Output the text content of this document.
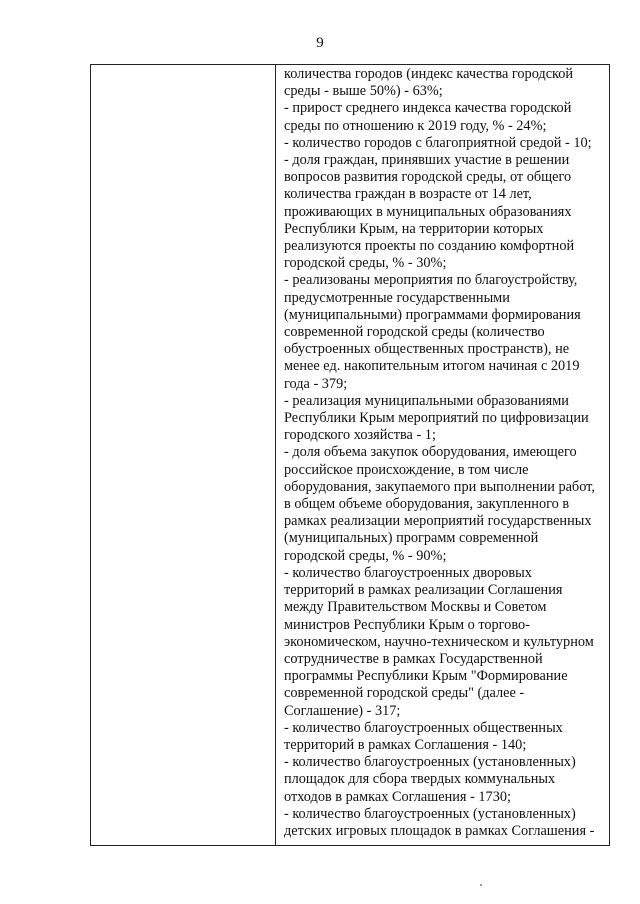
9
количества городов (индекс качества городской
среды - выше 50%) - 63%;
- прирост среднего индекса качества городской
среды по отношению к 2019 году, % - 24%;
- количество городов с благоприятной средой - 10;
- доля граждан, принявших участие в решении
вопросов развития городской среды, от общего
количества граждан в возрасте от 14 лет,
проживающих в муниципальных образованиях
Республики Крым, на территории которых
реализуются проекты по созданию комфортной
городской среды, % - 30%;
- реализованы мероприятия по благоустройству,
предусмотренные государственными
(муниципальными) программами формирования
современной городской среды (количество
обустроенных общественных пространств), не
менее ед. накопительным итогом начиная с 2019
года - 379;
- реализация муниципальными образованиями
Республики Крым мероприятий по цифровизации
городского хозяйства - 1;
- доля объема закупок оборудования, имеющего
российское происхождение, в том числе
оборудования, закупаемого при выполнении работ,
в общем объеме оборудования, закупленного в
рамках реализации мероприятий государственных
(муниципальных) программ современной
городской среды, % - 90%;
- количество благоустроенных дворовых
территорий в рамках реализации Соглашения
между Правительством Москвы и Советом
министров Республики Крым о торгово-
экономическом, научно-техническом и культурном
сотрудничестве в рамках Государственной
программы Республики Крым "Формирование
современной городской среды" (далее -
Соглашение) - 317;
- количество благоустроенных общественных
территорий в рамках Соглашения - 140;
- количество благоустроенных (установленных)
площадок для сбора твердых коммунальных
отходов в рамках Соглашения - 1730;
- количество благоустроенных (установленных)
детских игровых площадок в рамках Соглашения -
